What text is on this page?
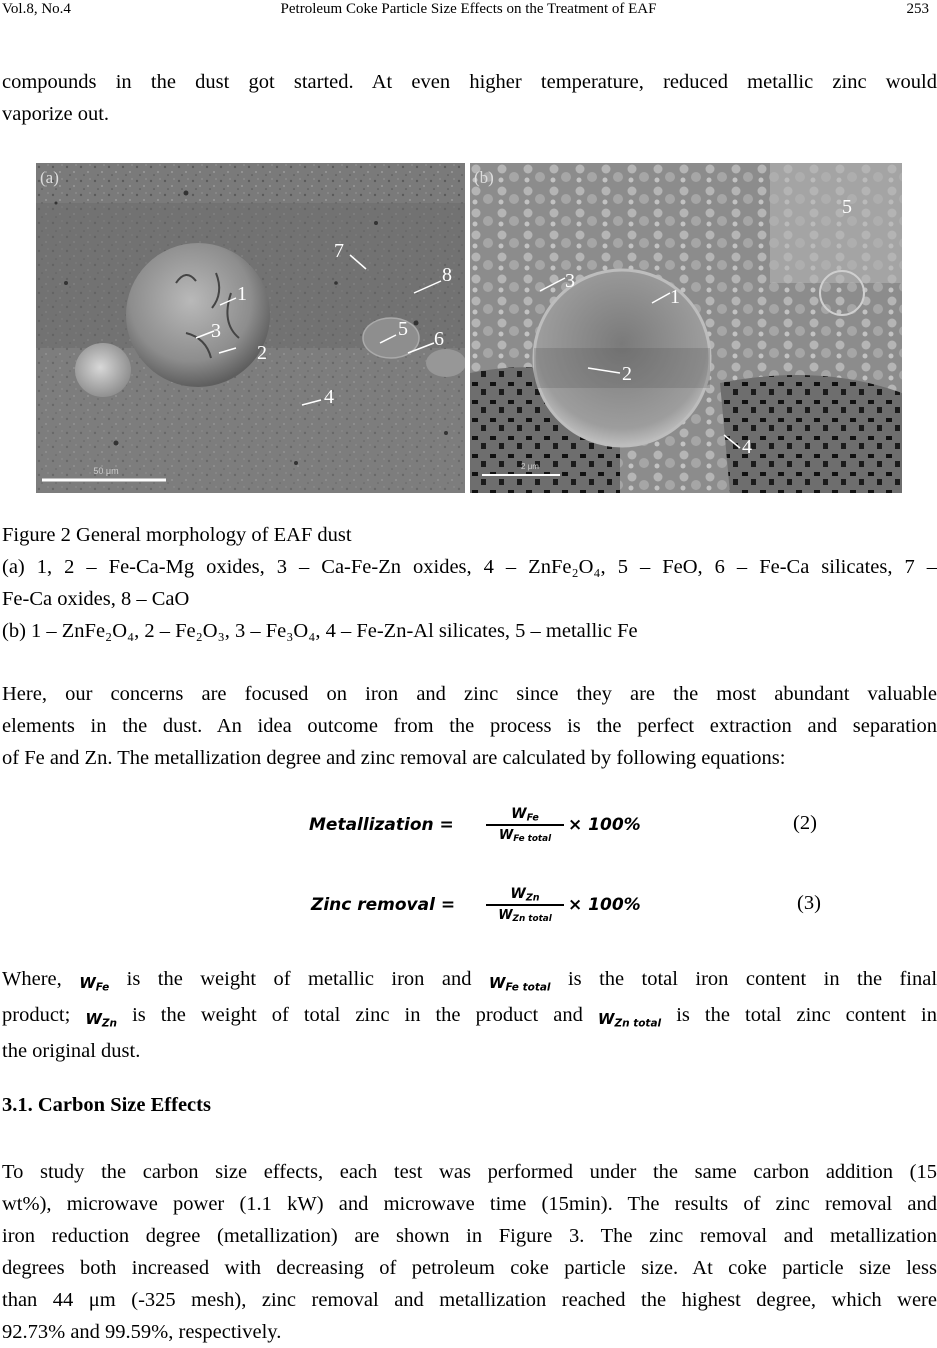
Vol.8, No.4	Petroleum Coke Particle Size Effects on the Treatment of EAF	253
compounds in the dust got started. At even higher temperature, reduced metallic zinc would
vaporize out.
1
2
3
4
5 6
7
8
(a)
50 μm
1
2
3
4
5
(b)
2 μm
Figure 2 General morphology of EAF dust
(a) 1, 2 – Fe-Ca-Mg oxides, 3 – Ca-Fe-Zn oxides, 4 – ZnFe₂O₄, 5 – FeO, 6 – Fe-Ca silicates, 7 –
Fe-Ca oxides, 8 – CaO
(b) 1 – ZnFe₂O₄, 2 – Fe₂O₃, 3 – Fe₃O₄, 4 – Fe-Zn-Al silicates, 5 – metallic Fe
Here, our concerns are focused on iron and zinc since they are the most abundant valuable
elements in the dust. An idea outcome from the process is the perfect extraction and separation
of Fe and Zn. The metallization degree and zinc removal are calculated by following equations:
Metallization =
$W_{Fe}$
$W_{Fe total}$
× 100%	(2)
Zinc removal =
$W_{Zn}$
$W_{Zn total}$
× 100%	(3)
Where, $W_{Fe}$ is the weight of metallic iron and $W_{Fe total}$ is the total iron content in the final
product; $W_{Zn}$ is the weight of total zinc in the product and $W_{Zn total}$ is the total zinc content in
the original dust.
3.1. Carbon Size Effects
To study the carbon size effects, each test was performed under the same carbon addition (15
wt%), microwave power (1.1 kW) and microwave time (15min). The results of zinc removal and
iron reduction degree (metallization) are shown in Figure 3. The zinc removal and metallization
degrees both increased with decreasing of petroleum coke particle size. At coke particle size less
than 44 μm (-325 mesh), zinc removal and metallization reached the highest degree, which were
92.73% and 99.59%, respectively.
